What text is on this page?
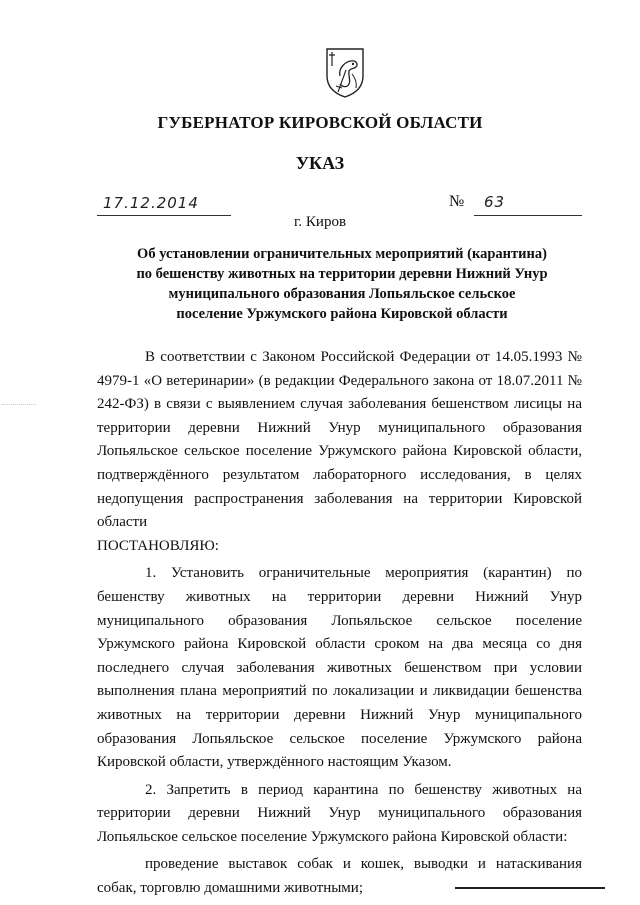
ГУБЕРНАТОР КИРОВСКОЙ ОБЛАСТИ
УКАЗ
17.12.2014	№ 63
г. Киров
Об установлении ограничительных мероприятий (карантина)
по бешенству животных на территории деревни Нижний Унур
муниципального образования Лопьяльское сельское
поселение Уржумского района Кировской области

В соответствии с Законом Российской Федерации от 14.05.1993 № 4979-1 «О ветеринарии» (в редакции Федерального закона от 18.07.2011 № 242-ФЗ) в связи с выявлением случая заболевания бешенством лисицы на территории деревни Нижний Унур муниципального образования Лопьяльское сельское поселение Уржумского района Кировской области, подтверждённого результатом лабораторного исследования, в целях недопущения распространения заболевания на территории Кировской области

ПОСТАНОВЛЯЮ:

1. Установить ограничительные мероприятия (карантин) по бешенству животных на территории деревни Нижний Унур муниципального образования Лопьяльское сельское поселение Уржумского района Кировской области сроком на два месяца со дня последнего случая заболевания животных бешенством при условии выполнения плана мероприятий по локализации и ликвидации бешенства животных на территории деревни Нижний Унур муниципального образования Лопьяльское сельское поселение Уржумского района Кировской области, утверждённого настоящим Указом.

2. Запретить в период карантина по бешенству животных на территории деревни Нижний Унур муниципального образования Лопьяльское сельское поселение Уржумского района Кировской области:

проведение выставок собак и кошек, выводки и натаскивания собак, торговлю домашними животными;
